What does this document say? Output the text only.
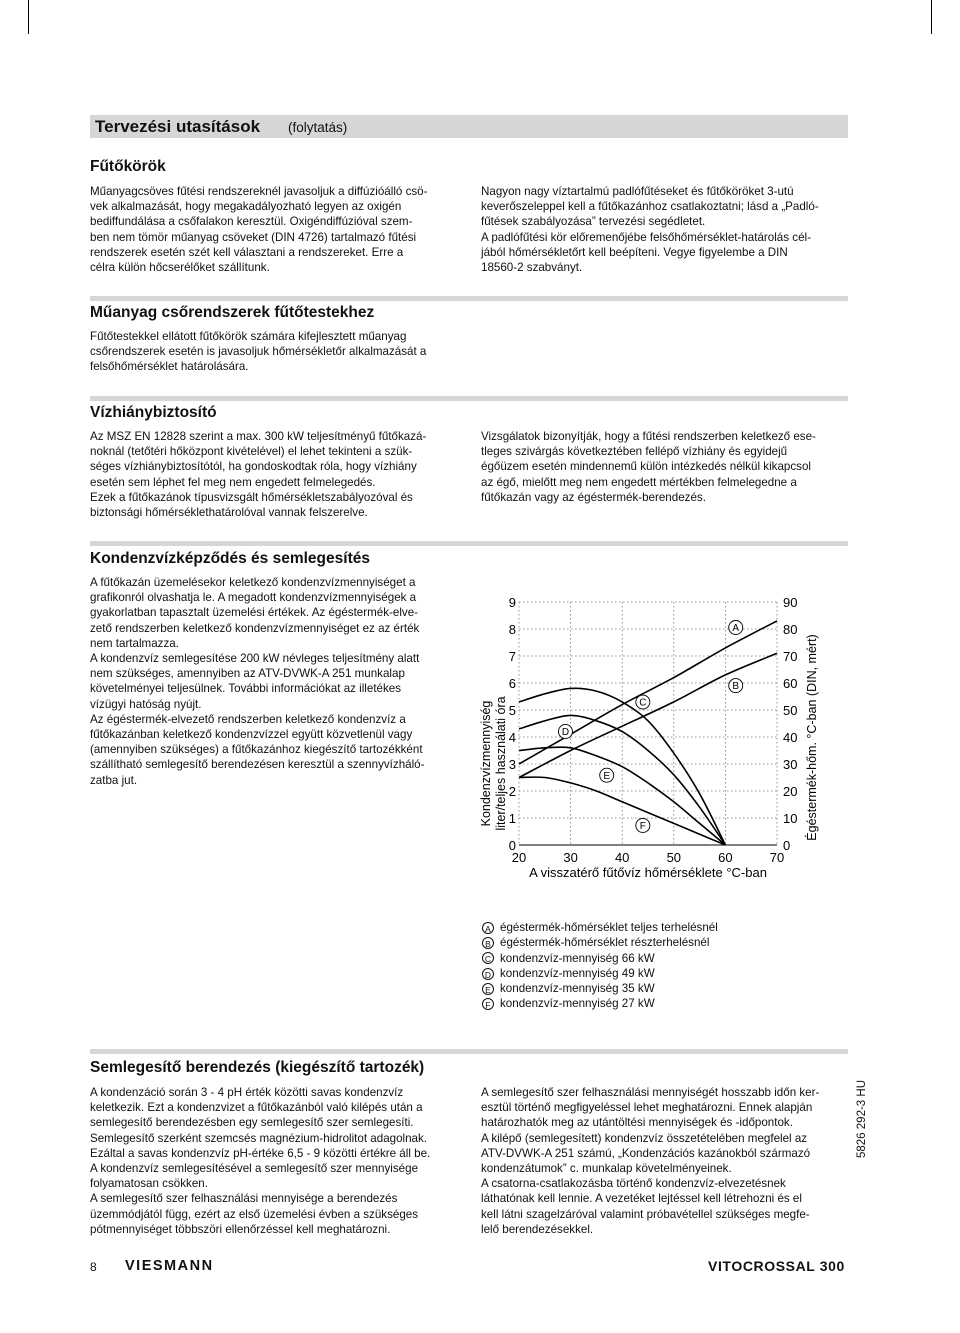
Tervezési utasítások (folytatás)
Fűtőkörök
Műanyagcsöves fűtési rendszereknél javasoljuk a diffúzióálló csö-
vek alkalmazását, hogy megakadályozható legyen az oxigén
bediffundálása a csőfalakon keresztül. Oxigéndiffúzióval szem-
ben nem tömör műanyag csöveket (DIN 4726) tartalmazó fűtési
rendszerek esetén szét kell választani a rendszereket. Erre a
célra külön hőcserélőket szállítunk.
Nagyon nagy víztartalmú padlófűtéseket és fűtőköröket 3-utú
keverőszeleppel kell a fűtőkazánhoz csatlakoztatni; lásd a „Padló-
fűtések szabályozása” tervezési segédletet.
A padlófűtési kör előremenőjébe felsőhőmérséklet-határolás cél-
jából hőmérsékletőrt kell beépíteni. Vegye figyelembe a DIN
18560-2 szabványt.
Műanyag csőrendszerek fűtőtestekhez
Fűtőtestekkel ellátott fűtőkörök számára kifejlesztett műanyag
csőrendszerek esetén is javasoljuk hőmérsékletőr alkalmazását a
felsőhőmérséklet határolására.
Vízhiánybiztosító
Az MSZ EN 12828 szerint a max. 300 kW teljesítményű fűtőkazá-
noknál (tetőtéri hőközpont kivételével) el lehet tekinteni a szük-
séges vízhiánybiztosítótól, ha gondoskodtak róla, hogy vízhiány
esetén sem léphet fel meg nem engedett felmelegedés.
Ezek a fűtőkazánok típusvizsgált hőmérsékletszabályozóval és
biztonsági hőmérséklethatárolóval vannak felszerelve.
Vizsgálatok bizonyítják, hogy a fűtési rendszerben keletkező ese-
tleges szivárgás következtében fellépő vízhiány és egyidejű
égőüzem esetén mindennemű külön intézkedés nélkül kikapcsol
az égő, mielőtt meg nem engedett mértékben felmelegedne a
fűtőkazán vagy az égéstermék-berendezés.
Kondenzvízképződés és semlegesítés
A fűtőkazán üzemelésekor keletkező kondenzvízmennyiséget a
grafikonról olvashatja le. A megadott kondenzvízmennyiségek a
gyakorlatban tapasztalt üzemelési értékek. Az égéstermék-elve-
zető rendszerben keletkező kondenzvízmennyiséget ez az érték
nem tartalmazza.
A kondenzvíz semlegesítése 200 kW névleges teljesítmény alatt
nem szükséges, amennyiben az ATV-DVWK-A 251 munkalap
követelményei teljesülnek. További információkat az illetékes
vízügyi hatóság nyújt.
Az égéstermék-elvezető rendszerben keletkező kondenzvíz a
fűtőkazánban keletkező kondenzvízzel együtt közvetlenül vagy
(amennyiben szükséges) a fűtőkazánhoz kiegészítő tartozékként
szállítható semlegesítő berendezésen keresztül a szennyvízháló-
zatba jut.
A
B
C
D
E
F
20	30	40	50	60	70
0
1
2
3
4
5
6
7
8
9
0
10
20
30
40
50
60
70
80
90
A visszatérő fűtővíz hőmérséklete °C-ban
Kondenzvízmennyiség liter/teljes használati óra	Égéstermék-hőm. °C-ban (DIN, mért)
A égéstermék-hőmérséklet teljes terhelésnél
B égéstermék-hőmérséklet részterhelésnél
C kondenzvíz-mennyiség 66 kW
D kondenzvíz-mennyiség 49 kW
E kondenzvíz-mennyiség 35 kW
F kondenzvíz-mennyiség 27 kW
Semlegesítő berendezés (kiegészítő tartozék)
A kondenzáció során 3 - 4 pH érték közötti savas kondenzvíz
keletkezik. Ezt a kondenzvizet a fűtőkazánból való kilépés után a
semlegesítő berendezésben egy semlegesítő szer semlegesíti.
Semlegesítő szerként szemcsés magnézium-hidrolitot adagolnak.
Ezáltal a savas kondenzvíz pH-értéke 6,5 - 9 közötti értékre áll be.
A kondenzvíz semlegesítésével a semlegesítő szer mennyisége
folyamatosan csökken.
A semlegesítő szer felhasználási mennyisége a berendezés
üzemmódjától függ, ezért az első üzemelési évben a szükséges
pótmennyiséget többszöri ellenőrzéssel kell meghatározni.
A semlegesítő szer felhasználási mennyiségét hosszabb időn ker-
esztül történő megfigyeléssel lehet meghatározni. Ennek alapján
határozhatók meg az utántöltési mennyiségek és -időpontok.
A kilépő (semlegesített) kondenzvíz összetételében megfelel az
ATV-DVWK-A 251 számú, „Kondenzációs kazánokból származó
kondenzátumok” c. munkalap követelményeinek.
A csatorna-csatlakozásba történő kondenzvíz-elvezetésnek
láthatónak kell lennie. A vezetéket lejtéssel kell létrehozni és el
kell látni szagelzáróval valamint próbavétellel szükséges megfe-
lelő berendezésekkel.
5826 292-3 HU
8 VIESMANN	VITOCROSSAL 300
